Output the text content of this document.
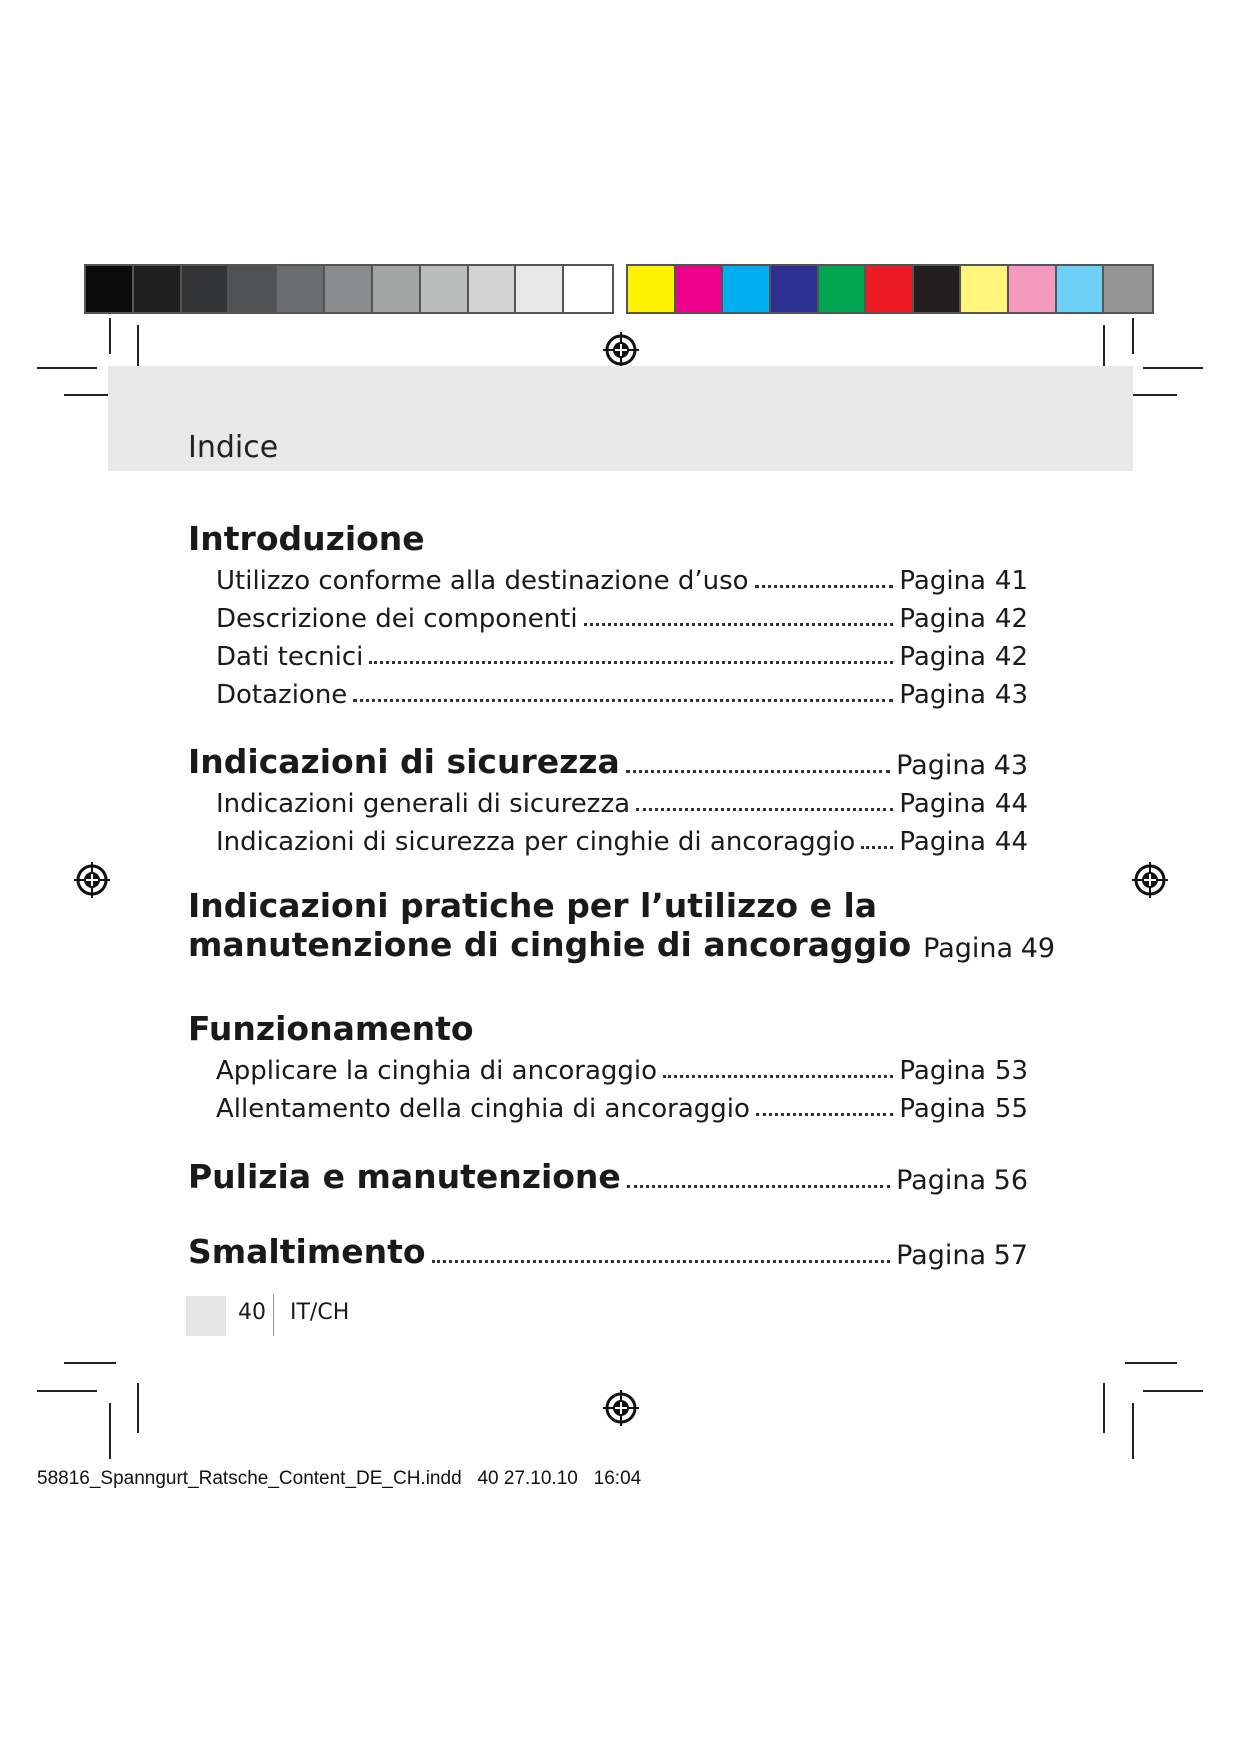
Indice
Introduzione
Utilizzo conforme alla destinazione d’uso	Pagina 41
Descrizione dei componenti	Pagina 42
Dati tecnici	Pagina 42
Dotazione	Pagina 43
Indicazioni di sicurezza	Pagina 43
Indicazioni generali di sicurezza	Pagina 44
Indicazioni di sicurezza per cinghie di ancoraggio Pagina 44
Indicazioni pratiche per l’utilizzo e la
manutenzione di cinghie di ancoraggio Pagina 49
Funzionamento
Applicare la cinghia di ancoraggio	Pagina 53
Allentamento della cinghia di ancoraggio	Pagina 55
Pulizia e manutenzione	Pagina 56
Smaltimento	Pagina 57
40 IT/CH
58816_Spanngurt_Ratsche_Content_DE_CH.indd   40 27.10.10   16:04
